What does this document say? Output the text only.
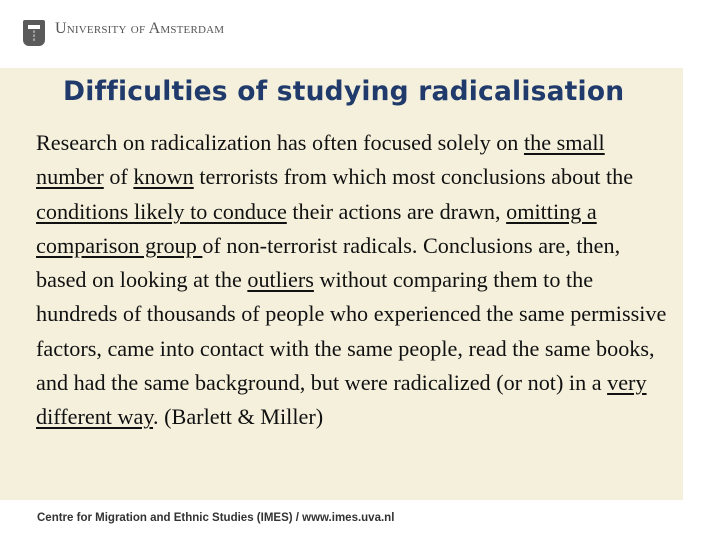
×
×
×
University of Amsterdam
Difficulties of studying radicalisation

Research on radicalization has often focused solely on the small number of known terrorists from which most conclusions about the conditions likely to conduce their actions are drawn, omitting a comparison group of non-terrorist radicals. Conclusions are, then, based on looking at the outliers without comparing them to the hundreds of thousands of people who experienced the same permissive factors, came into contact with the same people, read the same books, and had the same background, but were radicalized (or not) in a very different way. (Barlett & Miller)

Centre for Migration and Ethnic Studies (IMES) / www.imes.uva.nl
